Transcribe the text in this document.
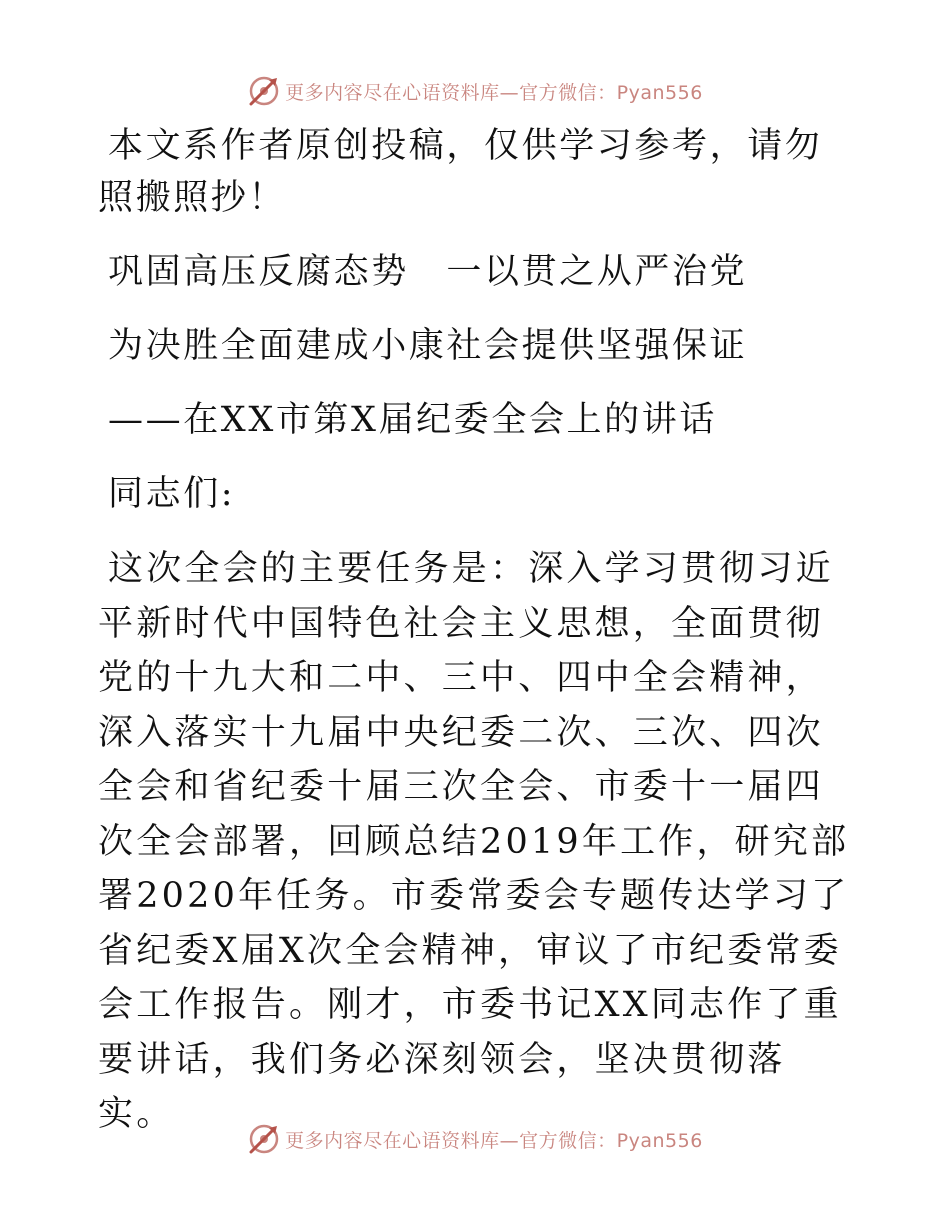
更多内容尽在心语资料库—官方微信：Pyan556

本文系作者原创投稿，仅供学习参考，请勿照搬照抄！

巩固高压反腐态势　一以贯之从严治党

为决胜全面建成小康社会提供坚强保证

——在XX市第X届纪委全会上的讲话

同志们:

这次全会的主要任务是：深入学习贯彻习近平新时代中国特色社会主义思想，全面贯彻党的十九大和二中、三中、四中全会精神，深入落实十九届中央纪委二次、三次、四次全会和省纪委十届三次全会、市委十一届四次全会部署，回顾总结2019年工作，研究部署2020年任务。市委常委会专题传达学习了省纪委X届X次全会精神，审议了市纪委常委会工作报告。刚才，市委书记XX同志作了重要讲话，我们务必深刻领会，坚决贯彻落实。

更多内容尽在心语资料库—官方微信：Pyan556
